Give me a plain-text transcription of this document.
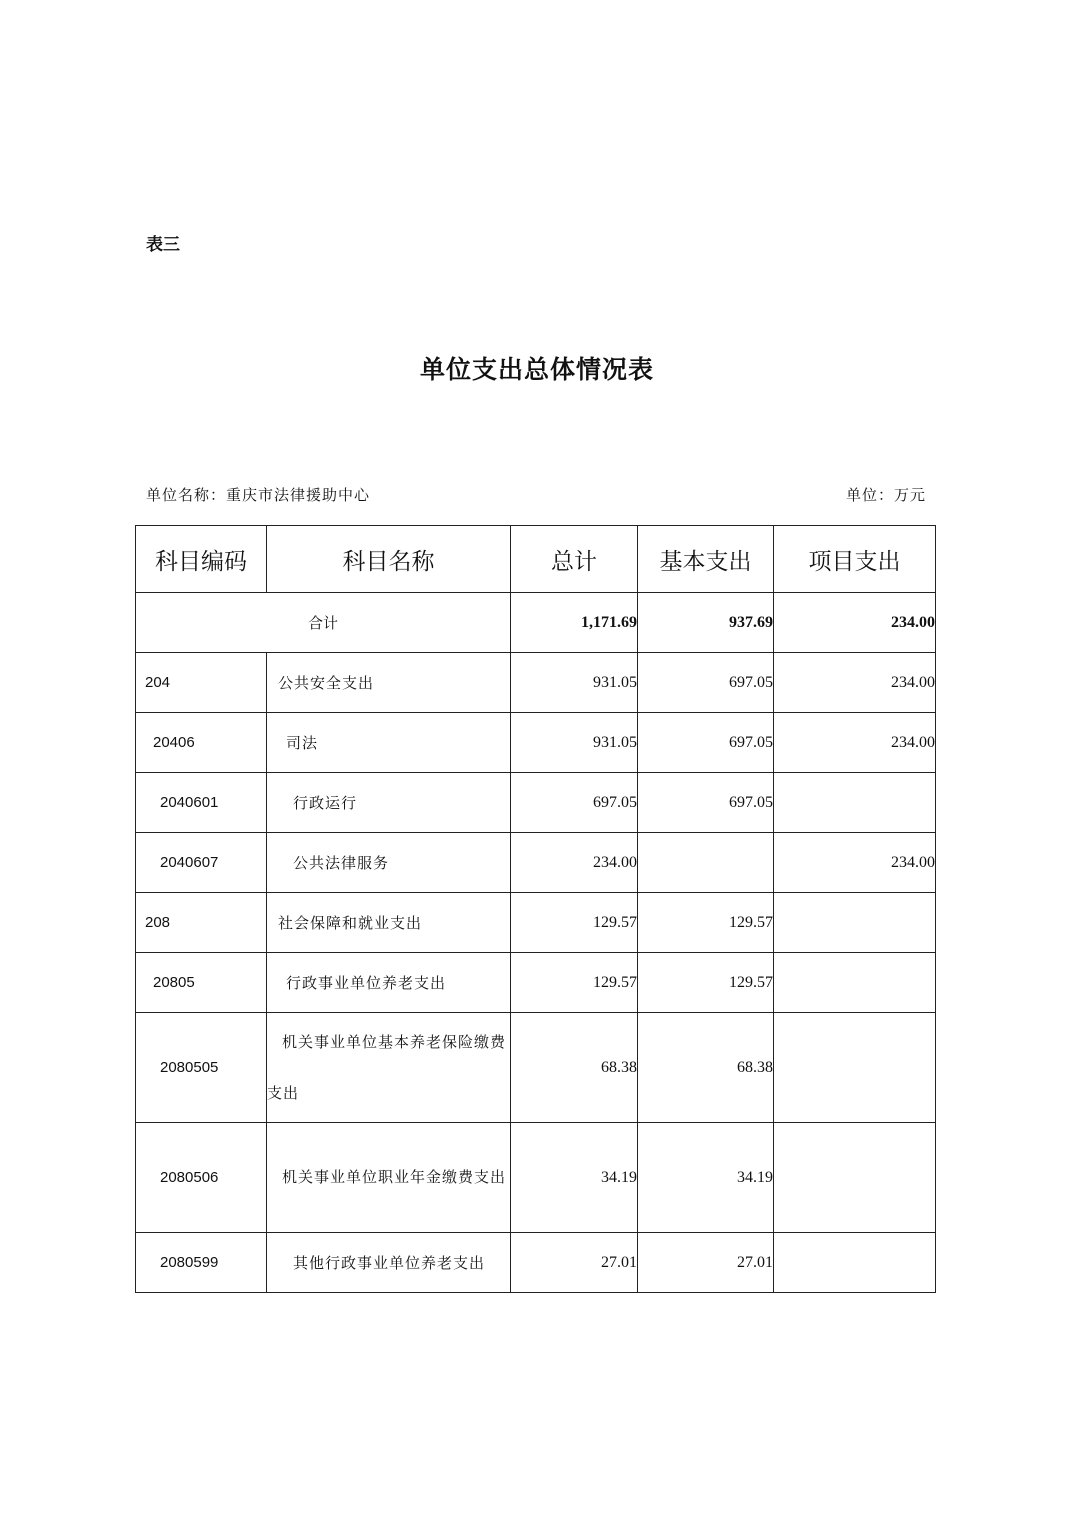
表三
单位支出总体情况表
单位名称：重庆市法律援助中心	单位：万元
科目编码	科目名称	总计	基本支出	项目支出
合计		1,171.69	937.69	234.00
204	公共安全支出	931.05	697.05	234.00
20406	司法	931.05	697.05	234.00
2040601	行政运行	697.05	697.05	
2040607	公共法律服务	234.00		234.00
208	社会保障和就业支出	129.57	129.57	
20805	行政事业单位养老支出	129.57	129.57	
2080505	机关事业单位基本养老保险缴费支出	68.38	68.38	
2080506	机关事业单位职业年金缴费支出	34.19	34.19	
2080599	其他行政事业单位养老支出	27.01	27.01	
